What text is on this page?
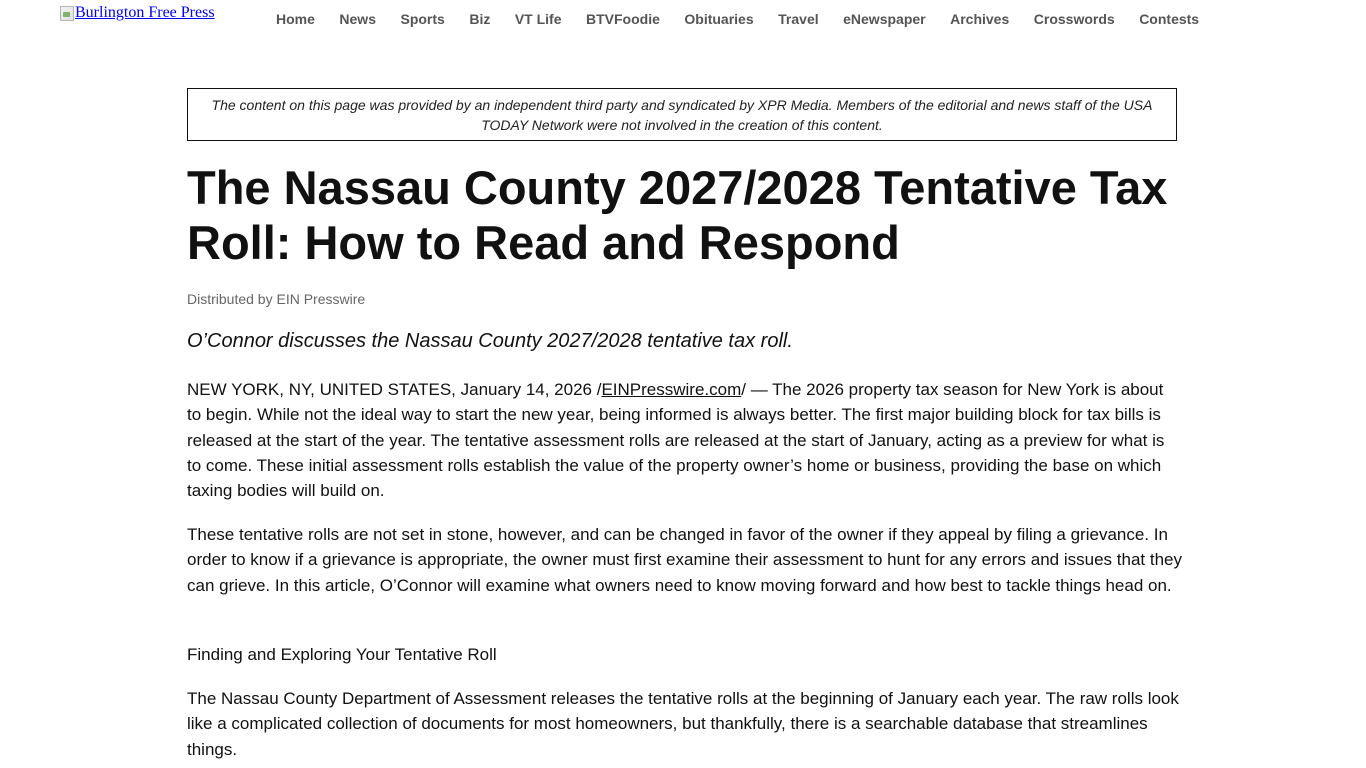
Burlington Free Press	Home News Sports Biz VT Life BTVFoodie Obituaries Travel eNewspaper Archives Crosswords Contests
The content on this page was provided by an independent third party and syndicated by XPR Media. Members of the editorial and news staff of the USA TODAY Network were not involved in the creation of this content.
The Nassau County 2027/2028 Tentative Tax Roll: How to Read and Respond
Distributed by EIN Presswire
O’Connor discusses the Nassau County 2027/2028 tentative tax roll.

NEW YORK, NY, UNITED STATES, January 14, 2026 /EINPresswire.com/ — The 2026 property tax season for New York is about to begin. While not the ideal way to start the new year, being informed is always better. The first major building block for tax bills is released at the start of the year. The tentative assessment rolls are released at the start of January, acting as a preview for what is to come. These initial assessment rolls establish the value of the property owner’s home or business, providing the base on which taxing bodies will build on.

These tentative rolls are not set in stone, however, and can be changed in favor of the owner if they appeal by filing a grievance. In order to know if a grievance is appropriate, the owner must first examine their assessment to hunt for any errors and issues that they can grieve. In this article, O’Connor will examine what owners need to know moving forward and how best to tackle things head on.

Finding and Exploring Your Tentative Roll

The Nassau County Department of Assessment releases the tentative rolls at the beginning of January each year. The raw rolls look like a complicated collection of documents for most homeowners, but thankfully, there is a searchable database that streamlines things.
